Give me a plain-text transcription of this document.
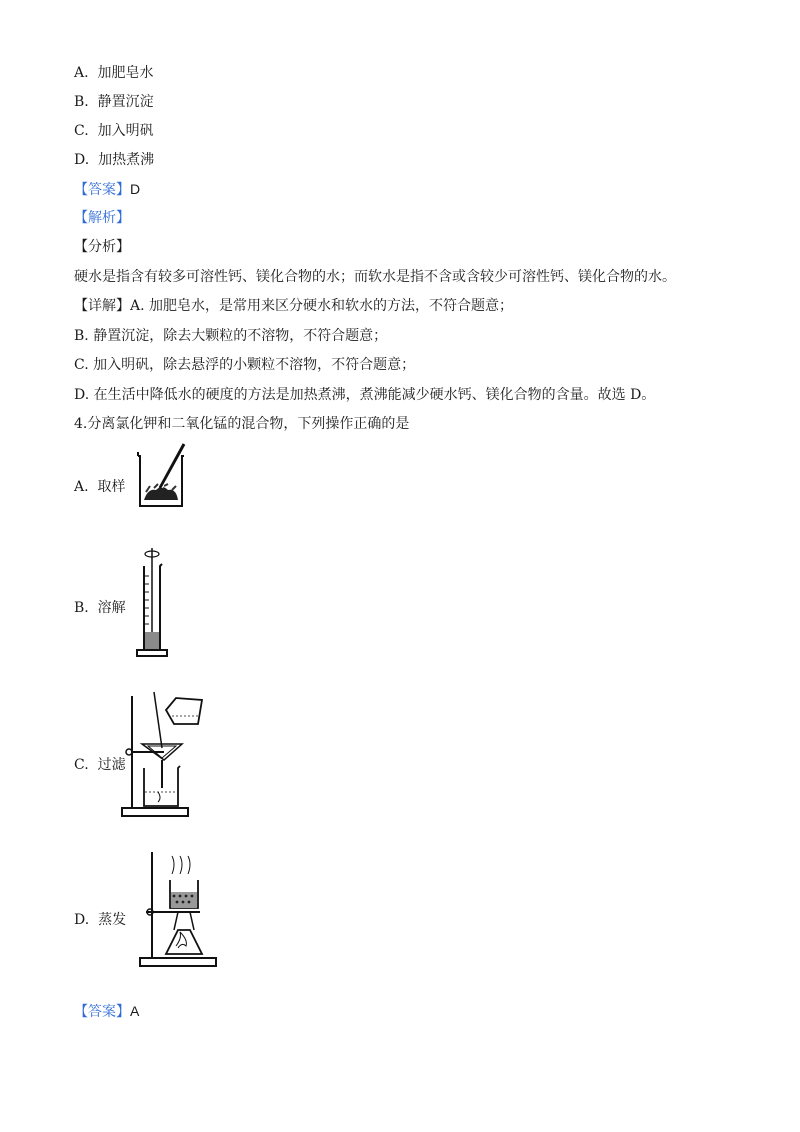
A. 加肥皂水
B. 静置沉淀
C. 加入明矾
D. 加热煮沸
【答案】D
【解析】
【分析】
硬水是指含有较多可溶性钙、镁化合物的水；而软水是指不含或含较少可溶性钙、镁化合物的水。
【详解】A. 加肥皂水，是常用来区分硬水和软水的方法，不符合题意；
B. 静置沉淀，除去大颗粒的不溶物，不符合题意；
C. 加入明矾，除去悬浮的小颗粒不溶物，不符合题意；
D. 在生活中降低水的硬度的方法是加热煮沸，煮沸能减少硬水钙、镁化合物的含量。故选 D。
4.分离氯化钾和二氧化锰的混合物，下列操作正确的是
A. 取样
B. 溶解
C. 过滤
D. 蒸发
【答案】A
